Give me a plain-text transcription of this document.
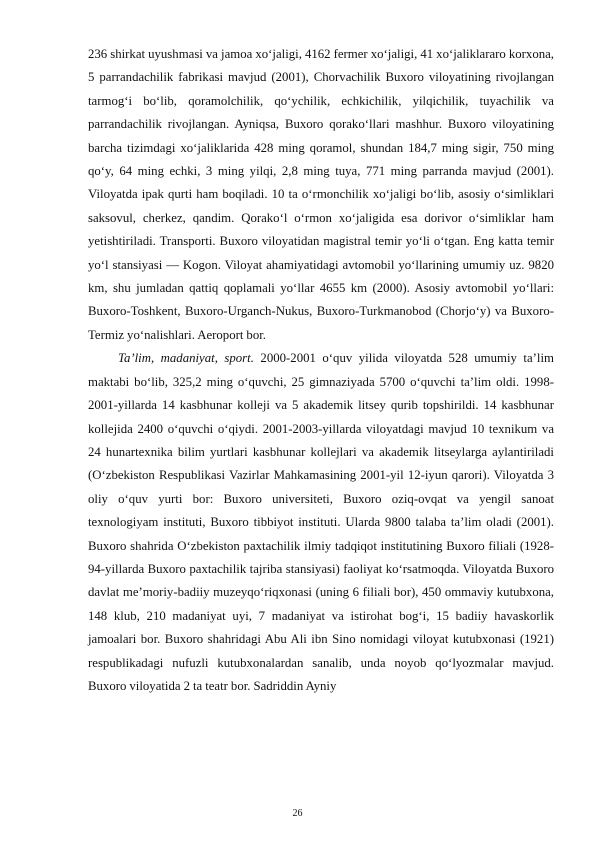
236 shirkat uyushmasi va jamoa xoʻjaligi, 4162 fermer xoʻjaligi, 41 xoʻjaliklararo korxona, 5 parrandachilik fabrikasi mavjud (2001), Chorvachilik Buxoro viloyatining rivojlangan tarmogʻi boʻlib, qoramolchilik, qoʻychilik, echkichilik, yilqichilik, tuyachilik va parrandachilik rivojlangan. Ayniqsa, Buxoro qorakoʻllari mashhur. Buxoro viloyatining barcha tizimdagi xoʻjaliklarida 428 ming qoramol, shundan 184,7 ming sigir, 750 ming qoʻy, 64 ming echki, 3 ming yilqi, 2,8 ming tuya, 771 ming parranda mavjud (2001). Viloyatda ipak qurti ham boqiladi. 10 ta oʻrmonchilik xoʻjaligi boʻlib, asosiy oʻsimliklari saksovul, cherkez, qandim. Qorakoʻl oʻrmon xoʻjaligida esa dorivor oʻsimliklar ham yetishtiriladi. Transporti. Buxoro viloyatidan magistral temir yoʻli oʻtgan. Eng katta temir yoʻl stansiyasi — Kogon. Viloyat ahamiyatidagi avtomobil yoʻllarining umumiy uz. 9820 km, shu jumladan qattiq qoplamali yoʻllar 4655 km (2000). Asosiy avtomobil yoʻllari: Buxoro-Toshkent, Buxoro-Urganch-Nukus, Buxoro-Turkmanobod (Chorjoʻy) va Buxoro-Termiz yoʻnalishlari. Aeroport bor.

Taʼlim, madaniyat, sport. 2000-2001 oʻquv yilida viloyatda 528 umumiy taʼlim maktabi boʻlib, 325,2 ming oʻquvchi, 25 gimnaziyada 5700 oʻquvchi taʼlim oldi. 1998-2001-yillarda 14 kasbhunar kolleji va 5 akademik litsey qurib topshirildi. 14 kasbhunar kollejida 2400 oʻquvchi oʻqiydi. 2001-2003-yillarda viloyatdagi mavjud 10 texnikum va 24 hunartexnika bilim yurtlari kasbhunar kollejlari va akademik litseylarga aylantiriladi (Oʻzbekiston Respublikasi Vazirlar Mahkamasining 2001-yil 12-iyun qarori). Viloyatda 3 oliy oʻquv yurti bor: Buxoro universiteti, Buxoro oziq-ovqat va yengil sanoat texnologiyam instituti, Buxoro tibbiyot instituti. Ularda 9800 talaba taʼlim oladi (2001). Buxoro shahrida Oʻzbekiston paxtachilik ilmiy tadqiqot institutining Buxoro filiali (1928-94-yillarda Buxoro paxtachilik tajriba stansiyasi) faoliyat koʻrsatmoqda. Viloyatda Buxoro davlat meʼmoriy-badiiy muzeyqoʻriqxonasi (uning 6 filiali bor), 450 ommaviy kutubxona, 148 klub, 210 madaniyat uyi, 7 madaniyat va istirohat bogʻi, 15 badiiy havaskorlik jamoalari bor. Buxoro shahridagi Abu Ali ibn Sino nomidagi viloyat kutubxonasi (1921) respublikadagi nufuzli kutubxonalardan sanalib, unda noyob qoʻlyozmalar mavjud. Buxoro viloyatida 2 ta teatr bor. Sadriddin Ayniy

26
